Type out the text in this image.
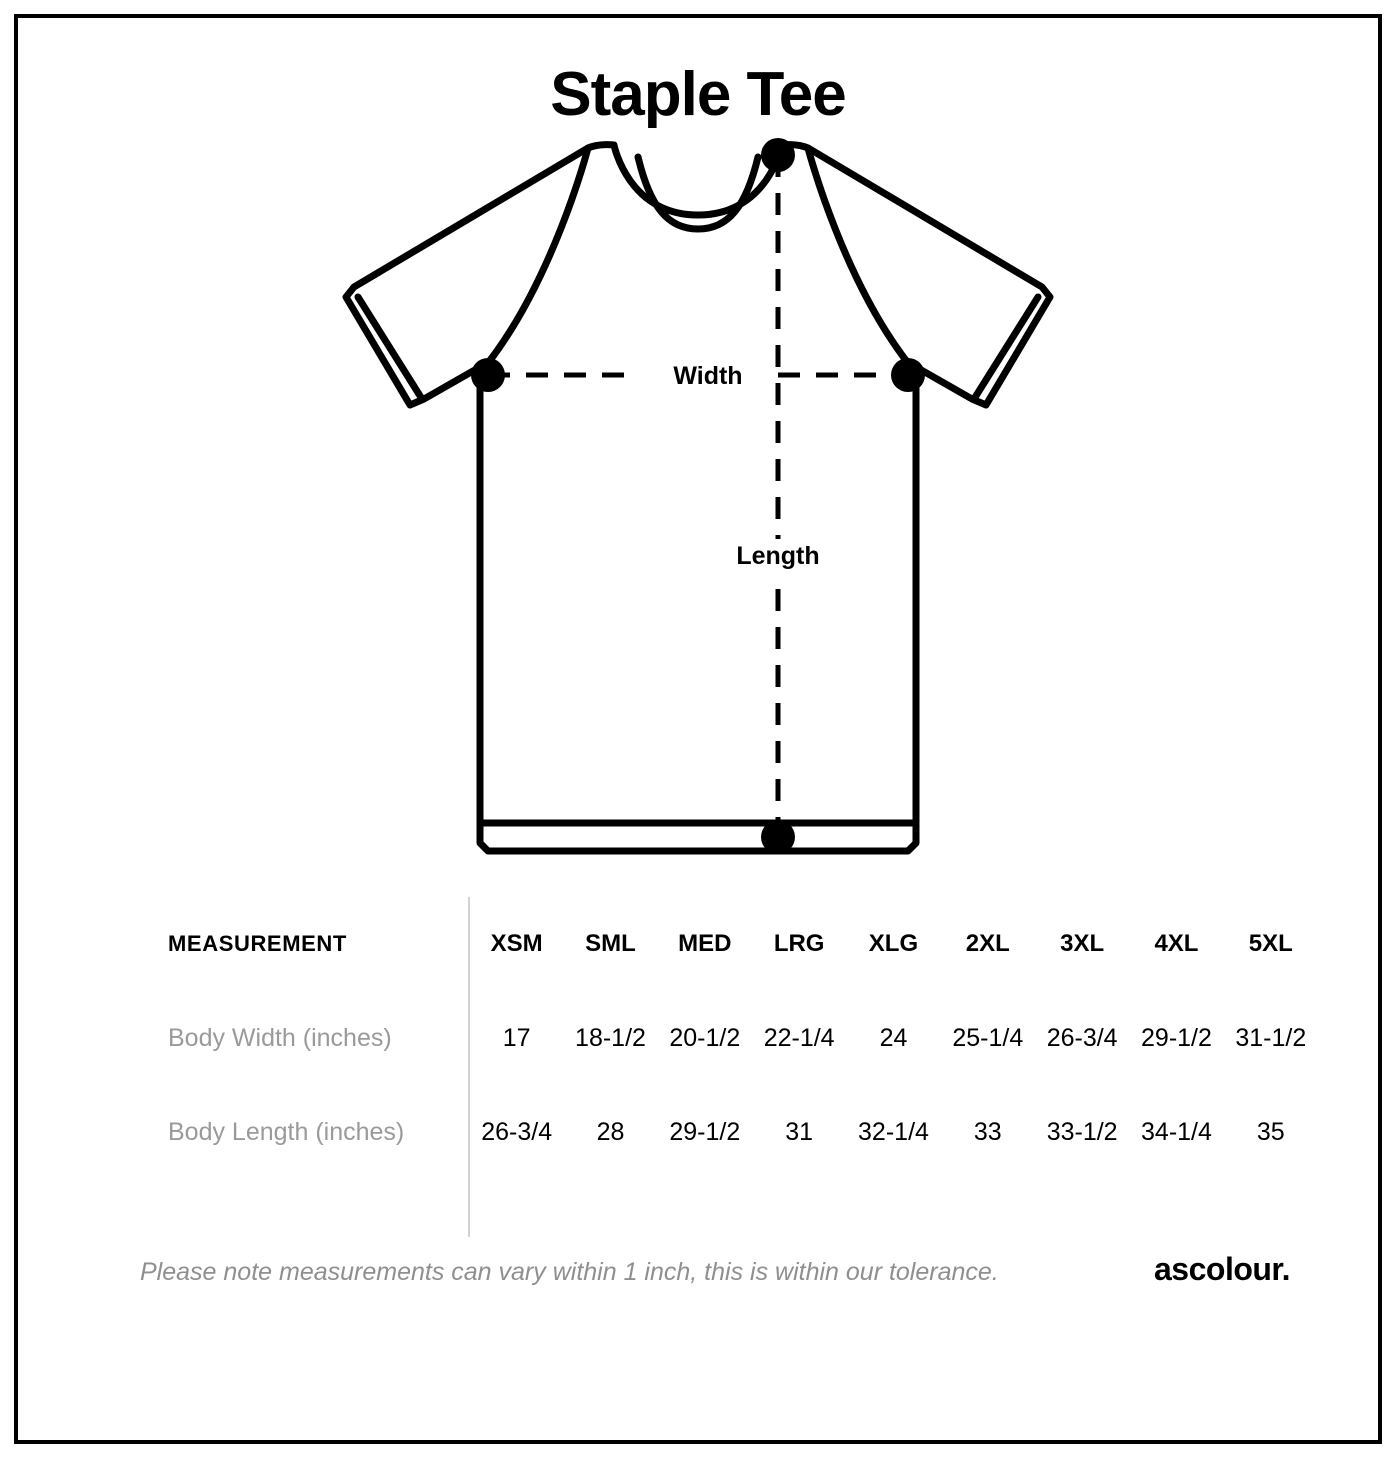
Staple Tee
Width
Length
MEASUREMENT	XSM	SML	MED	LRG	XLG	2XL	3XL	4XL	5XL
Body Width (inches)	17	18-1/2	20-1/2	22-1/4	24	25-1/4	26-3/4	29-1/2	31-1/2
Body Length (inches)	26-3/4	28	29-1/2	31	32-1/4	33	33-1/2	34-1/4	35

Please note measurements can vary within 1 inch, this is within our tolerance.	ascolour.
